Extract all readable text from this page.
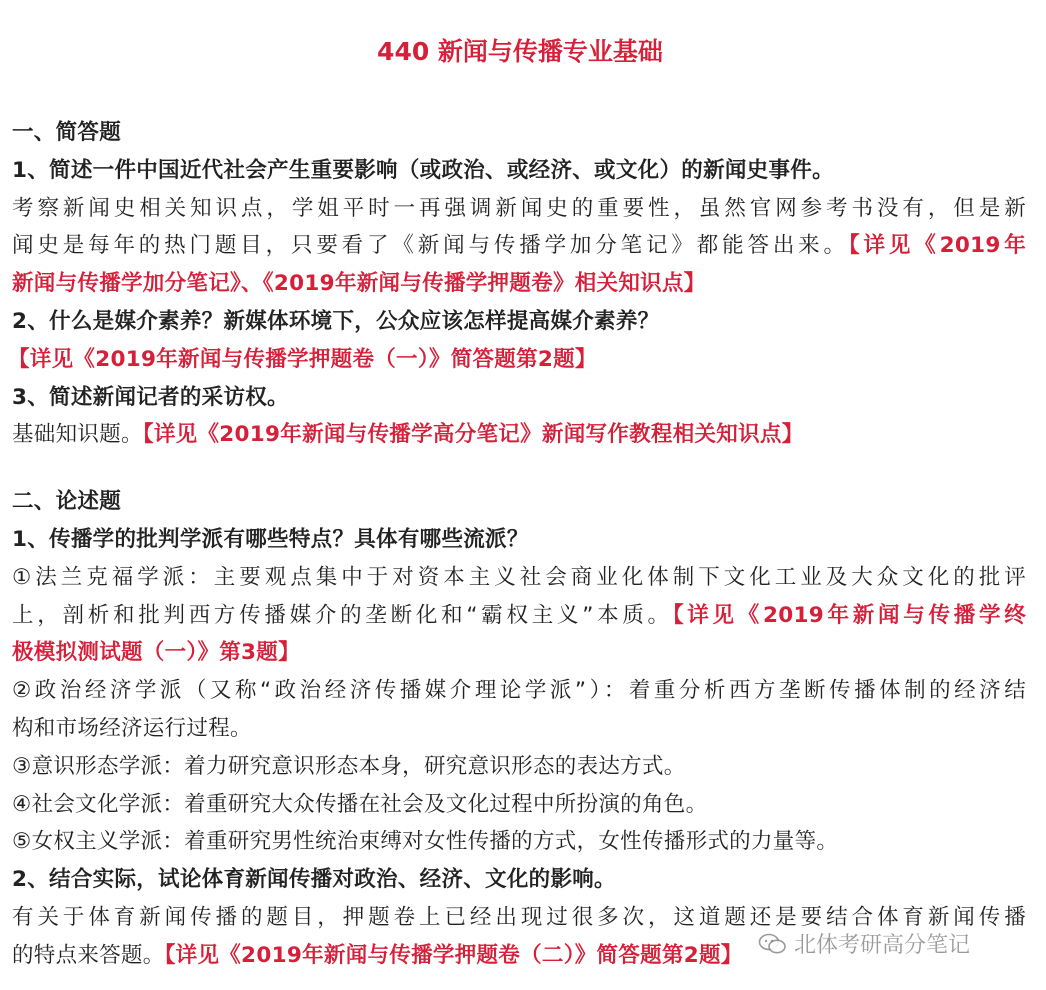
440 新闻与传播专业基础
一、简答题
1、简述一件中国近代社会产生重要影响（或政治、或经济、或文化）的新闻史事件。
考察新闻史相关知识点，学姐平时一再强调新闻史的重要性，虽然官网参考书没有，但是新
闻史是每年的热门题目，只要看了《新闻与传播学加分笔记》都能答出来。【详见《2019年
新闻与传播学加分笔记》、《2019年新闻与传播学押题卷》相关知识点】
2、什么是媒介素养？新媒体环境下，公众应该怎样提高媒介素养？
【详见《2019年新闻与传播学押题卷（一）》简答题第2题】
3、简述新闻记者的采访权。
基础知识题。【详见《2019年新闻与传播学高分笔记》新闻写作教程相关知识点】
二、论述题
1、传播学的批判学派有哪些特点？具体有哪些流派？
①法兰克福学派：主要观点集中于对资本主义社会商业化体制下文化工业及大众文化的批评
上，剖析和批判西方传播媒介的垄断化和“霸权主义”本质。【详见《2019年新闻与传播学终
极模拟测试题（一）》第3题】
②政治经济学派（又称“政治经济传播媒介理论学派”）：着重分析西方垄断传播体制的经济结
构和市场经济运行过程。
③意识形态学派：着力研究意识形态本身，研究意识形态的表达方式。
④社会文化学派：着重研究大众传播在社会及文化过程中所扮演的角色。
⑤女权主义学派：着重研究男性统治束缚对女性传播的方式，女性传播形式的力量等。
2、结合实际，试论体育新闻传播对政治、经济、文化的影响。
有关于体育新闻传播的题目，押题卷上已经出现过很多次，这道题还是要结合体育新闻传播
的特点来答题。【详见《2019年新闻与传播学押题卷（二）》简答题第2题】	北体考研高分笔记
